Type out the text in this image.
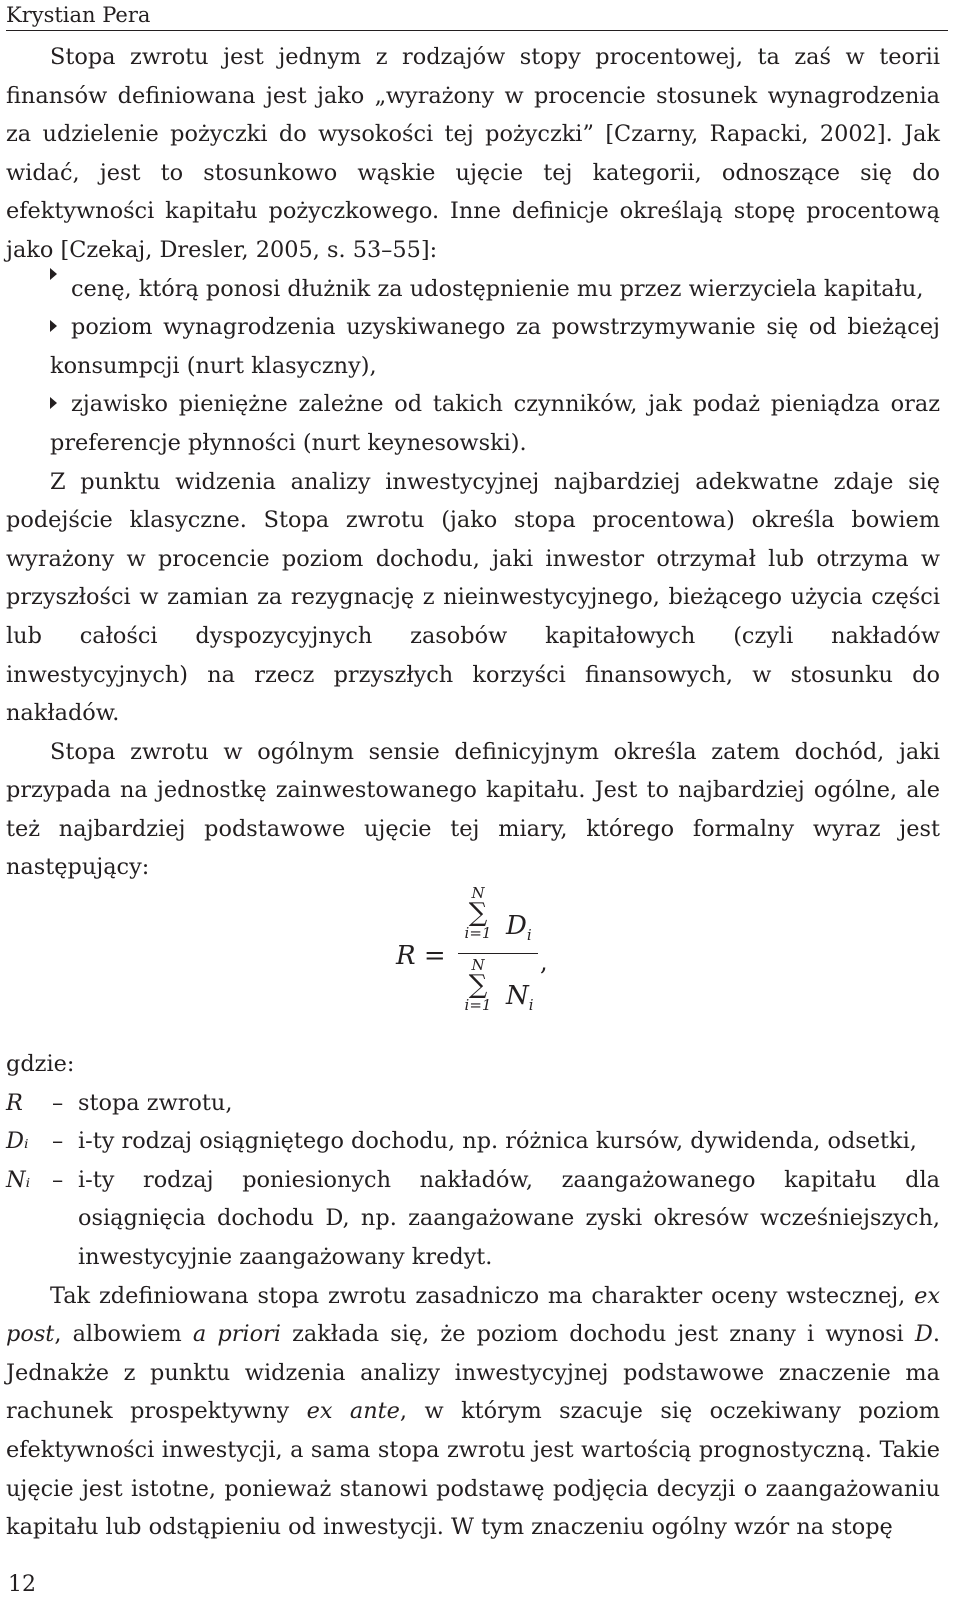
Krystian Pera

Stopa zwrotu jest jednym z rodzajów stopy procentowej, ta zaś w teorii finansów definiowana jest jako „wyrażony w procencie stosunek wynagrodzenia za udzielenie pożyczki do wysokości tej pożyczki” [Czarny, Rapacki, 2002]. Jak widać, jest to stosunkowo wąskie ujęcie tej kategorii, odnoszące się do efektywności kapitału pożyczkowego. Inne definicje określają stopę procentową jako [Czekaj, Dresler, 2005, s. 53–55]:

cenę, którą ponosi dłużnik za udostępnienie mu przez wierzyciela kapitału,
poziom wynagrodzenia uzyskiwanego za powstrzymywanie się od bieżącej konsumpcji (nurt klasyczny),
zjawisko pieniężne zależne od takich czynników, jak podaż pieniądza oraz preferencje płynności (nurt keynesowski).

Z punktu widzenia analizy inwestycyjnej najbardziej adekwatne zdaje się podejście klasyczne. Stopa zwrotu (jako stopa procentowa) określa bowiem wyrażony w procencie poziom dochodu, jaki inwestor otrzymał lub otrzyma w przyszłości w zamian za rezygnację z nieinwestycyjnego, bieżącego użycia części lub całości dyspozycyjnych zasobów kapitałowych (czyli nakładów inwestycyjnych) na rzecz przyszłych korzyści finansowych, w stosunku do nakładów.

Stopa zwrotu w ogólnym sensie definicyjnym określa zatem dochód, jaki przypada na jednostkę zainwestowanego kapitału. Jest to najbardziej ogólne, ale też najbardziej podstawowe ujęcie tej miary, którego formalny wyraz jest następujący:

R =
N
∑
i=1 $D_i$
N
∑
i=1 $N_i$
,

gdzie:

R	– stopa zwrotu,
Dᵢ	– i-ty rodzaj osiągniętego dochodu, np. różnica kursów, dywidenda, odsetki,
Nᵢ – i-ty rodzaj poniesionych nakładów, zaangażowanego kapitału dla osiągnięcia dochodu D, np. zaangażowane zyski okresów wcześniejszych, inwestycyjnie zaangażowany kredyt.

Tak zdefiniowana stopa zwrotu zasadniczo ma charakter oceny wstecznej, ex post, albowiem a priori zakłada się, że poziom dochodu jest znany i wynosi D. Jednakże z punktu widzenia analizy inwestycyjnej podstawowe znaczenie ma rachunek prospektywny ex ante, w którym szacuje się oczekiwany poziom efektywności inwestycji, a sama stopa zwrotu jest wartością prognostyczną. Takie ujęcie jest istotne, ponieważ stanowi podstawę podjęcia decyzji o zaangażowaniu kapitału lub odstąpieniu od inwestycji. W tym znaczeniu ogólny wzór na stopę

12
